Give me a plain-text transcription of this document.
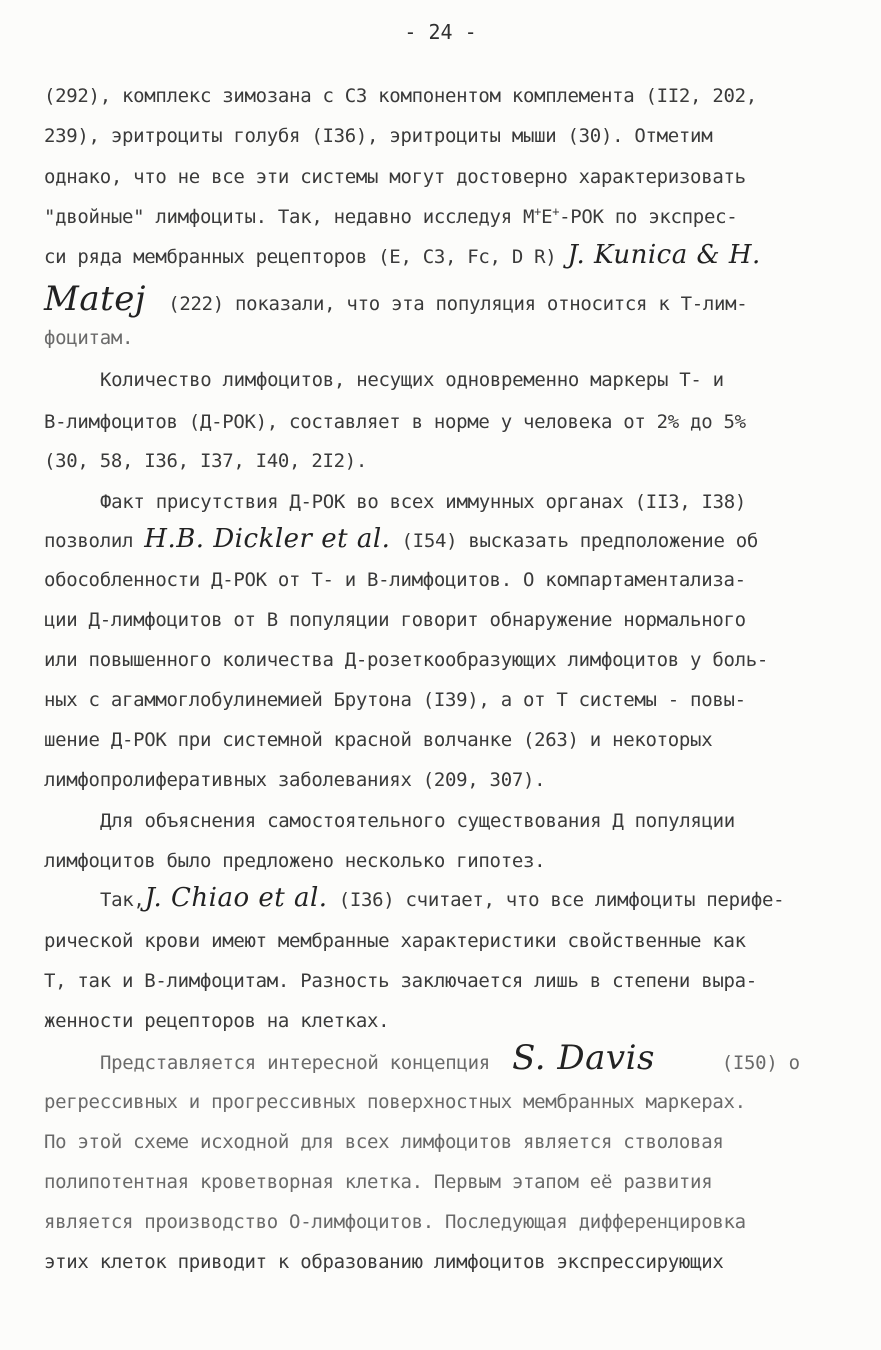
- 24 -
(292), комплекс зимозана с С3 компонентом комплемента (II2, 202,
239), эритроциты голубя (I36), эритроциты мыши (30). Отметим
однако, что не все эти системы могут достоверно характеризовать
"двойные" лимфоциты. Так, недавно исследуя М+Е+-РОК по экспрес-
си ряда мембранных рецепторов (Е, С3, Fc, D R) J. Kunica & H.
Matej (222) показали, что эта популяция относится к Т-лим-
фоцитам.
Количество лимфоцитов, несущих одновременно маркеры Т- и
В-лимфоцитов (Д-РОК), составляет в норме у человека от 2% до 5%
(30, 58, I36, I37, I40, 2I2).
Факт присутствия Д-РОК во всех иммунных органах (II3, I38)
позволил H.B. Dickler et al. (I54) высказать предположение об
обособленности Д-РОК от Т- и В-лимфоцитов. О компартаментализа-
ции Д-лимфоцитов от В популяции говорит обнаружение нормального
или повышенного количества Д-розеткообразующих лимфоцитов у боль-
ных с агаммоглобулинемией Брутона (I39), а от Т системы - повы-
шение Д-РОК при системной красной волчанке (263) и некоторых
лимфопролиферативных заболеваниях (209, 307).
Для объяснения самостоятельного существования Д популяции
лимфоцитов было предложено несколько гипотез.
Так,J. Chiao et al. (I36) считает, что все лимфоциты перифе-
рической крови имеют мембранные характеристики свойственные как
Т, так и В-лимфоцитам. Разность заключается лишь в степени выра-
женности рецепторов на клетках.
Представляется интересной концепция S. Davis	(I50) о
регрессивных и прогрессивных поверхностных мембранных маркерах.
По этой схеме исходной для всех лимфоцитов является стволовая
полипотентная кроветворная клетка. Первым этапом её развития
является производство О-лимфоцитов. Последующая дифференцировка
этих клеток приводит к образованию лимфоцитов экспрессирующих
